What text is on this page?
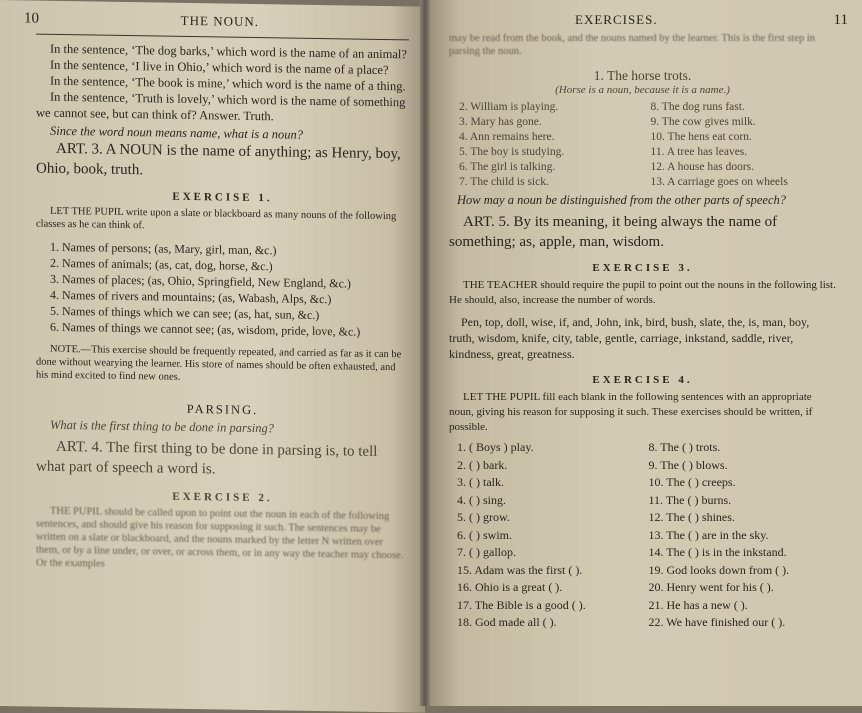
10	THE NOUN.

In the sentence, ‘The dog barks,’ which word is the name of an animal?

In the sentence, ‘I live in Ohio,’ which word is the name of a place?

In the sentence, ‘The book is mine,’ which word is the name of a thing.

In the sentence, ‘Truth is lovely,’ which word is the name of something we cannot see, but can think of? Answer. Truth.

Since the word noun means name, what is a noun?

ART. 3. A NOUN is the name of anything; as Henry, boy, Ohio, book, truth.

EXERCISE 1.

LET THE PUPIL write upon a slate or blackboard as many nouns of the following classes as he can think of.

1. Names of persons; (as, Mary, girl, man, &c.)
2. Names of animals; (as, cat, dog, horse, &c.)
3. Names of places; (as, Ohio, Springfield, New England, &c.)
4. Names of rivers and mountains; (as, Wabash, Alps, &c.)
5. Names of things which we can see; (as, hat, sun, &c.)
6. Names of things we cannot see; (as, wisdom, pride, love, &c.)

NOTE.—This exercise should be frequently repeated, and carried as far as it can be done without wearying the learner. His store of names should be often exhausted, and his mind excited to find new ones.

PARSING.

What is the first thing to be done in parsing?

ART. 4. The first thing to be done in parsing is, to tell what part of speech a word is.

EXERCISE 2.

THE PUPIL should be called upon to point out the noun in each of the following sentences, and should give his reason for supposing it such. The sentences may be written on a slate or blackboard, and the nouns marked by the letter N written over them, or by a line under, or over, or across them, or in any way the teacher may choose. Or the examples

EXERCISES.	11

may be read from the book, and the nouns named by the learner. This is the first step in parsing the noun.

1. The horse trots.

(Horse is a noun, because it is a name.)

2. William is playing.
3. Mary has gone.
4. Ann remains here.
5. The boy is studying.
6. The girl is talking.
7. The child is sick.
8. The dog runs fast.
9. The cow gives milk.
10. The hens eat corn.
11. A tree has leaves.
12. A house has doors.
13. A carriage goes on wheels

How may a noun be distinguished from the other parts of speech?

ART. 5. By its meaning, it being always the name of something; as, apple, man, wisdom.

EXERCISE 3.

THE TEACHER should require the pupil to point out the nouns in the following list. He should, also, increase the number of words.

Pen, top, doll, wise, if, and, John, ink, bird, bush, slate, the, is, man, boy, truth, wisdom, knife, city, table, gentle, carriage, inkstand, saddle, river, kindness, great, greatness.

EXERCISE 4.

LET THE PUPIL fill each blank in the following sentences with an appropriate noun, giving his reason for supposing it such. These exercises should be written, if possible.

1. ( Boys ) play.
2. ( ) bark.
3. ( ) talk.
4. ( ) sing.
5. ( ) grow.
6. ( ) swim.
7. ( ) gallop.
15. Adam was the first ( ).
16. Ohio is a great ( ).
17. The Bible is a good ( ).
18. God made all ( ).
8. The ( ) trots.
9. The ( ) blows.
10. The ( ) creeps.
11. The ( ) burns.
12. The ( ) shines.
13. The ( ) are in the sky.
14. The ( ) is in the inkstand.
19. God looks down from ( ).
20. Henry went for his ( ).
21. He has a new ( ).
22. We have finished our ( ).
